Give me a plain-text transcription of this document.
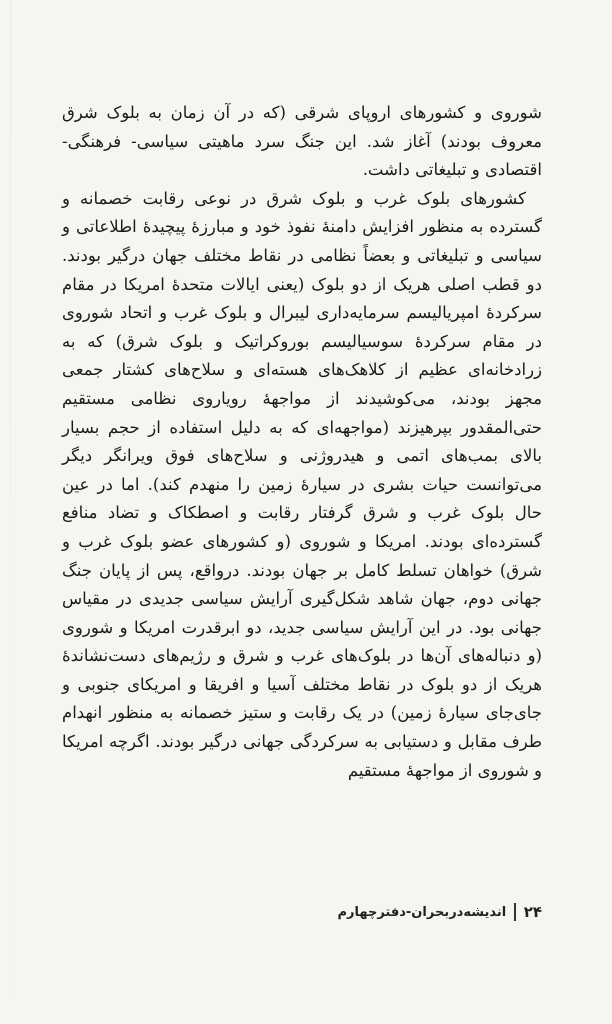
شوروی و کشورهای اروپای شرقی (که در آن زمان به بلوک شرق معروف بودند) آغاز شد. این جنگ سرد ماهیتی سیاسی- فرهنگی- اقتصادی و تبلیغاتی داشت.

کشورهای بلوک غرب و بلوک شرق در نوعی رقابت خصمانه و گسترده به منظور افزایش دامنهٔ نفوذ خود و مبارزهٔ پیچیدهٔ اطلاعاتی و سیاسی و تبلیغاتی و بعضاً نظامی در نقاط مختلف جهان درگیر بودند. دو قطب اصلی هریک از دو بلوک (یعنی ایالات متحدهٔ امریکا در مقام سرکردهٔ امپریالیسم سرمایه‌داری لیبرال و بلوک غرب و اتحاد شوروی در مقام سرکردهٔ سوسیالیسم بوروکراتیک و بلوک شرق) که به زرادخانه‌ای عظیم از کلاهک‌های هسته‌ای و سلاح‌های کشتار جمعی مجهز بودند، می‌کوشیدند از مواجههٔ رویاروی نظامی مستقیم حتی‌المقدور بپرهیزند (مواجهه‌ای که به دلیل استفاده از حجم بسیار بالای بمب‌های اتمی و هیدروژنی و سلاح‌های فوق ویرانگر دیگر می‌توانست حیات بشری در سیارهٔ زمین را منهدم کند). اما در عین حال بلوک غرب و شرق گرفتار رقابت و اصطکاک و تضاد منافع گسترده‌ای بودند. امریکا و شوروی (و کشورهای عضو بلوک غرب و شرق) خواهان تسلط کامل بر جهان بودند. درواقع، پس از پایان جنگ جهانی دوم، جهان شاهد شکل‌گیری آرایش سیاسی جدیدی در مقیاس جهانی بود. در این آرایش سیاسی جدید، دو ابرقدرت امریکا و شوروی (و دنباله‌های آن‌ها در بلوک‌های غرب و شرق و رژیم‌های دست‌نشاندهٔ هریک از دو بلوک در نقاط مختلف آسیا و افریقا و امریکای جنوبی و جای‌جای سیارهٔ زمین) در یک رقابت و ستیز خصمانه به منظور انهدام طرف مقابل و دستیابی به سرکردگی جهانی درگیر بودند. اگرچه امریکا و شوروی از مواجههٔ مستقیم

۲۴
اندیشه‌دربحران-دفترچهارم
